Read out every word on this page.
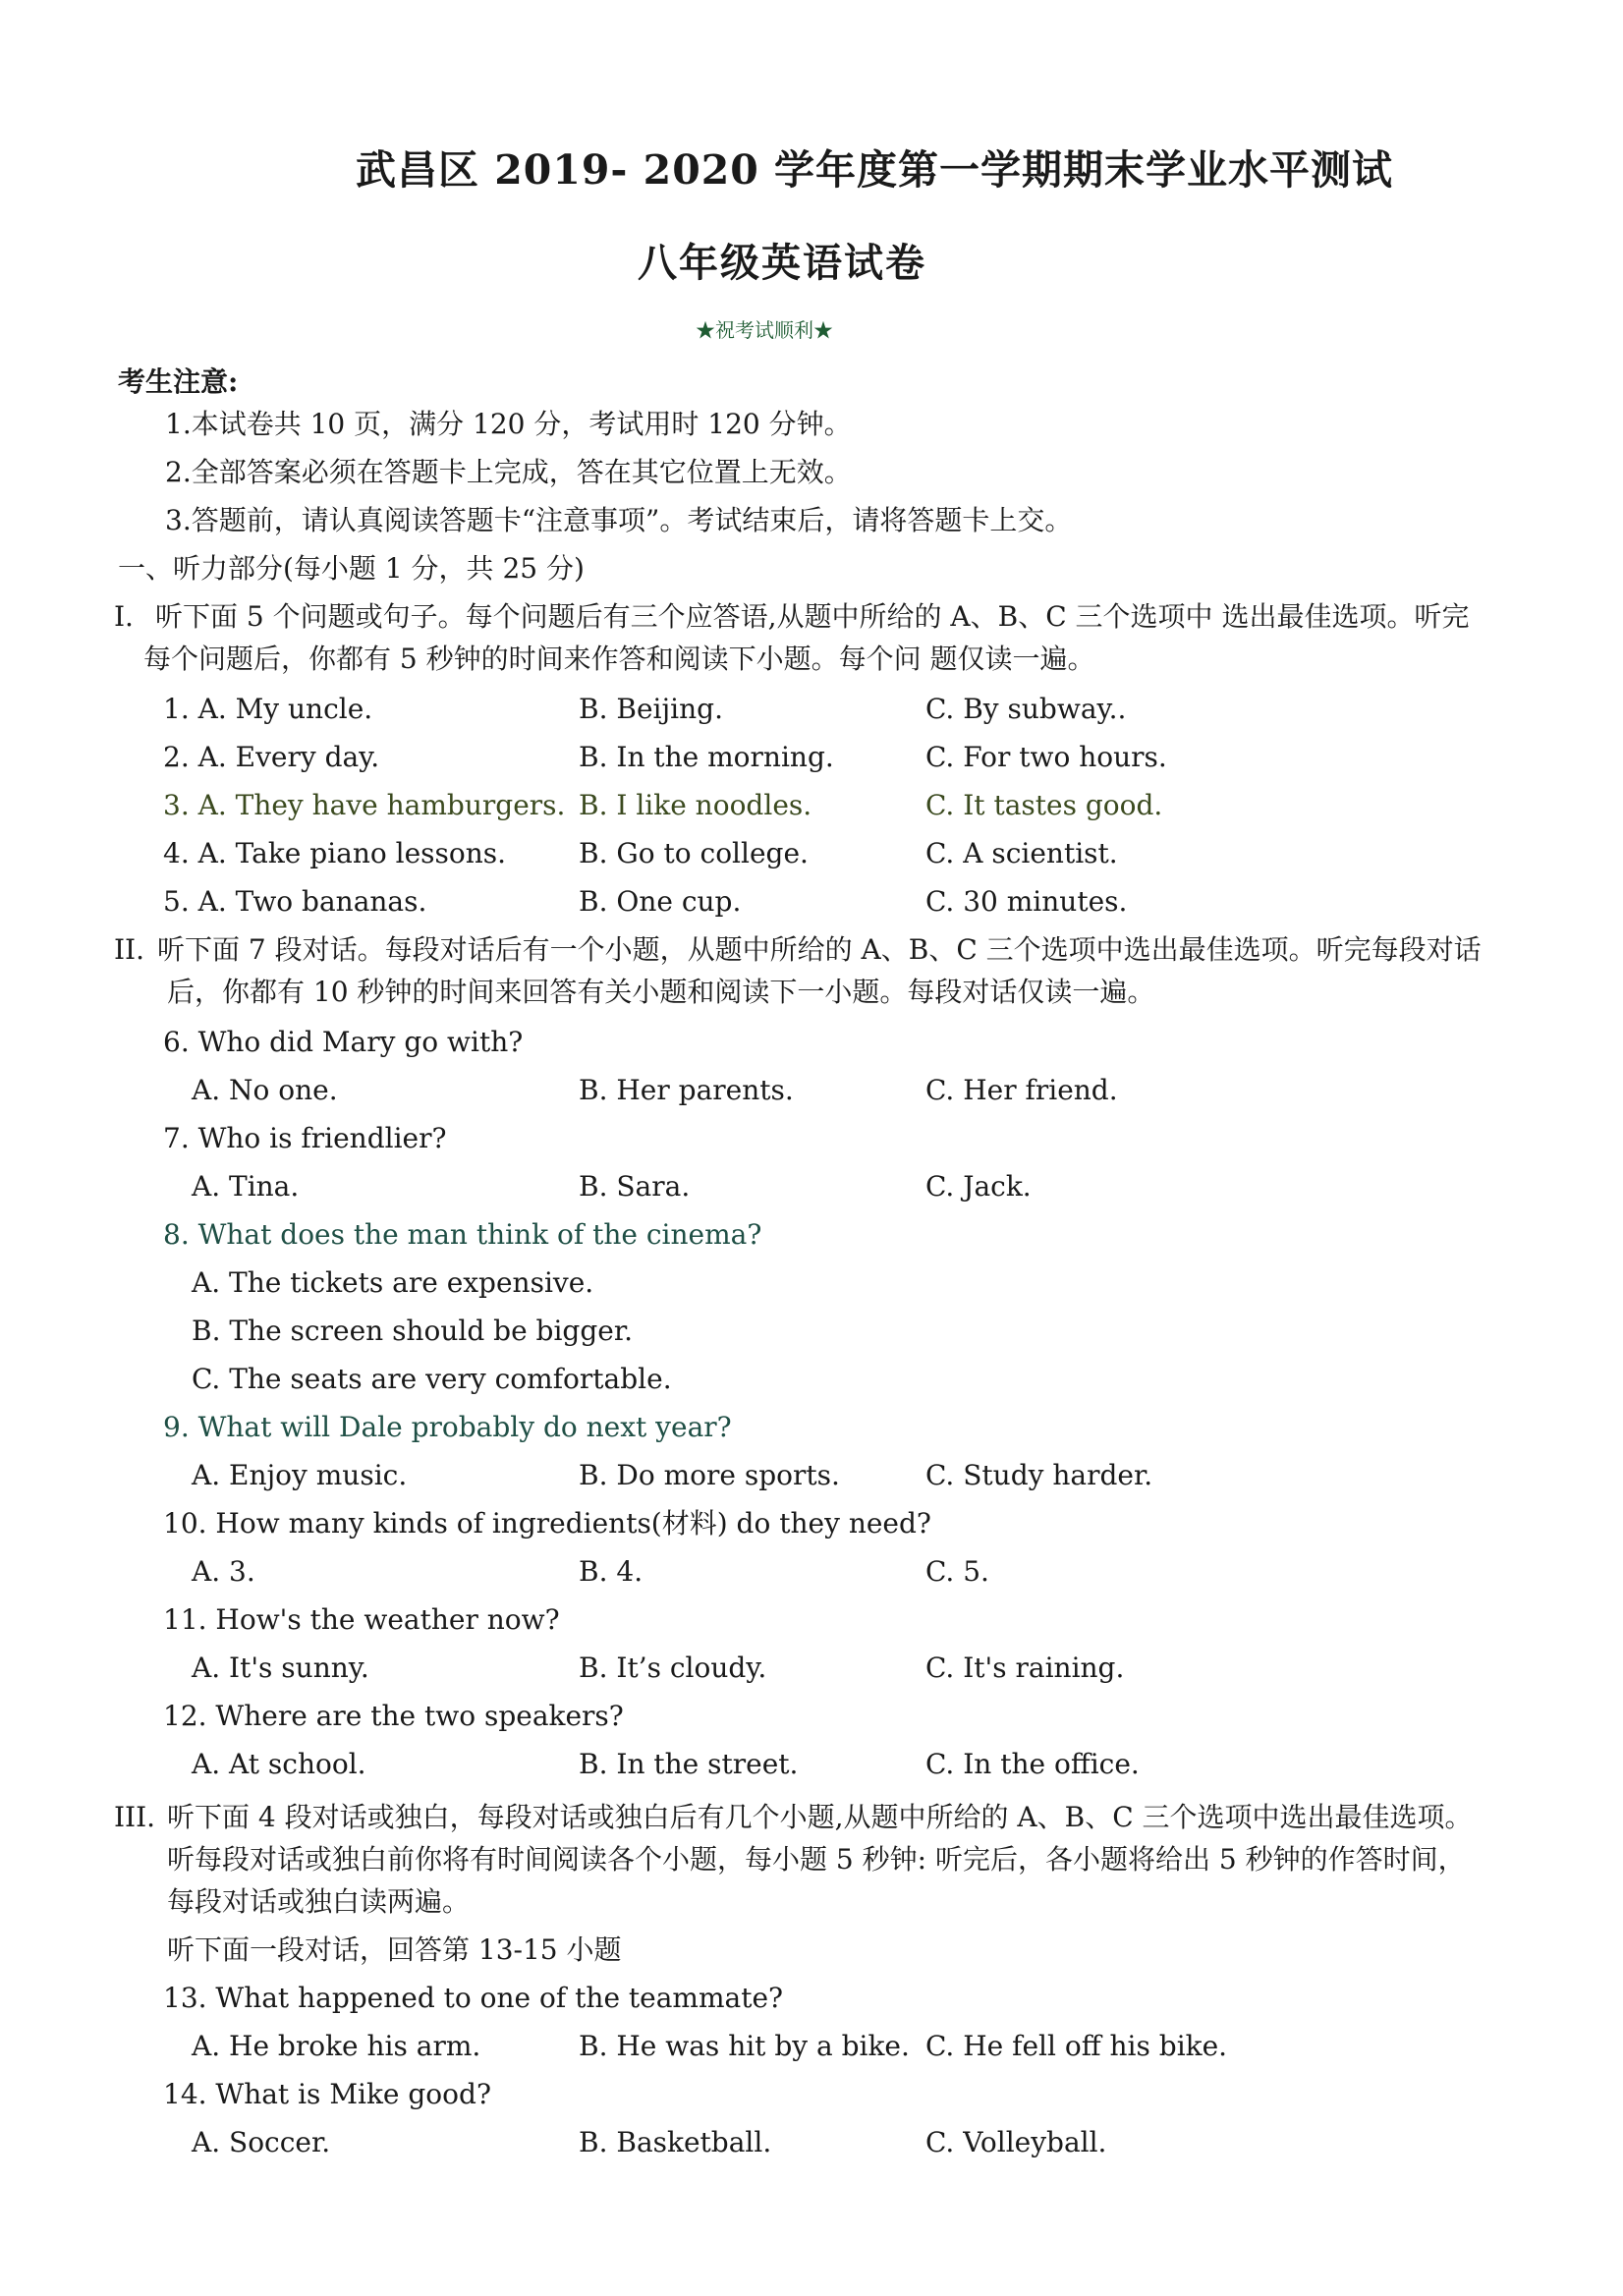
武昌区 2019- 2020 学年度第一学期期末学业水平测试
八年级英语试卷
★祝考试顺利★
考生注意:
1.本试卷共 10 页，满分 120 分，考试用时 120 分钟。
2.全部答案必须在答题卡上完成，答在其它位置上无效。
3.答题前，请认真阅读答题卡“注意事项”。考试结束后，请将答题卡上交。
一、听力部分(每小题 1 分，共 25 分)
I. 听下面 5 个问题或句子。每个问题后有三个应答语,从题中所给的 A、B、C 三个选项中 选出最佳选项。听完
每个问题后，你都有 5 秒钟的时间来作答和阅读下小题。每个问 题仅读一遍。
1. A. My uncle.	B. Beijing.	C. By subway..
2. A. Every day.	B. In the morning.	C. For two hours.
3. A. They have hamburgers. B. I like noodles.	C. It tastes good.
4. A. Take piano lessons.	B. Go to college.	C. A scientist.
5. A. Two bananas.	B. One cup.	C. 30 minutes.
II. 听下面 7 段对话。每段对话后有一个小题，从题中所给的 A、B、C 三个选项中选出最佳选项。听完每段对话
后，你都有 10 秒钟的时间来回答有关小题和阅读下一小题。每段对话仅读一遍。
6. Who did Mary go with?
A. No one.	B. Her parents.	C. Her friend.
7. Who is friendlier?
A. Tina.	B. Sara.	C. Jack.
8. What does the man think of the cinema?
A. The tickets are expensive.
B. The screen should be bigger.
C. The seats are very comfortable.
9. What will Dale probably do next year?
A. Enjoy music.	B. Do more sports.	C. Study harder.
10. How many kinds of ingredients(材料) do they need?
A. 3.	B. 4.	C. 5.
11. How's the weather now?
A. It's sunny.	B. It’s cloudy.	C. It's raining.
12. Where are the two speakers?
A. At school.	B. In the street.	C. In the office.
III. 听下面 4 段对话或独白，每段对话或独白后有几个小题,从题中所给的 A、B、C 三个选项中选出最佳选项。
听每段对话或独白前你将有时间阅读各个小题，每小题 5 秒钟: 听完后，各小题将给出 5 秒钟的作答时间，
每段对话或独白读两遍。
听下面一段对话，回答第 13-15 小题
13. What happened to one of the teammate?
A. He broke his arm.	B. He was hit by a bike. C. He fell off his bike.
14. What is Mike good?
A. Soccer.	B. Basketball.	C. Volleyball.
